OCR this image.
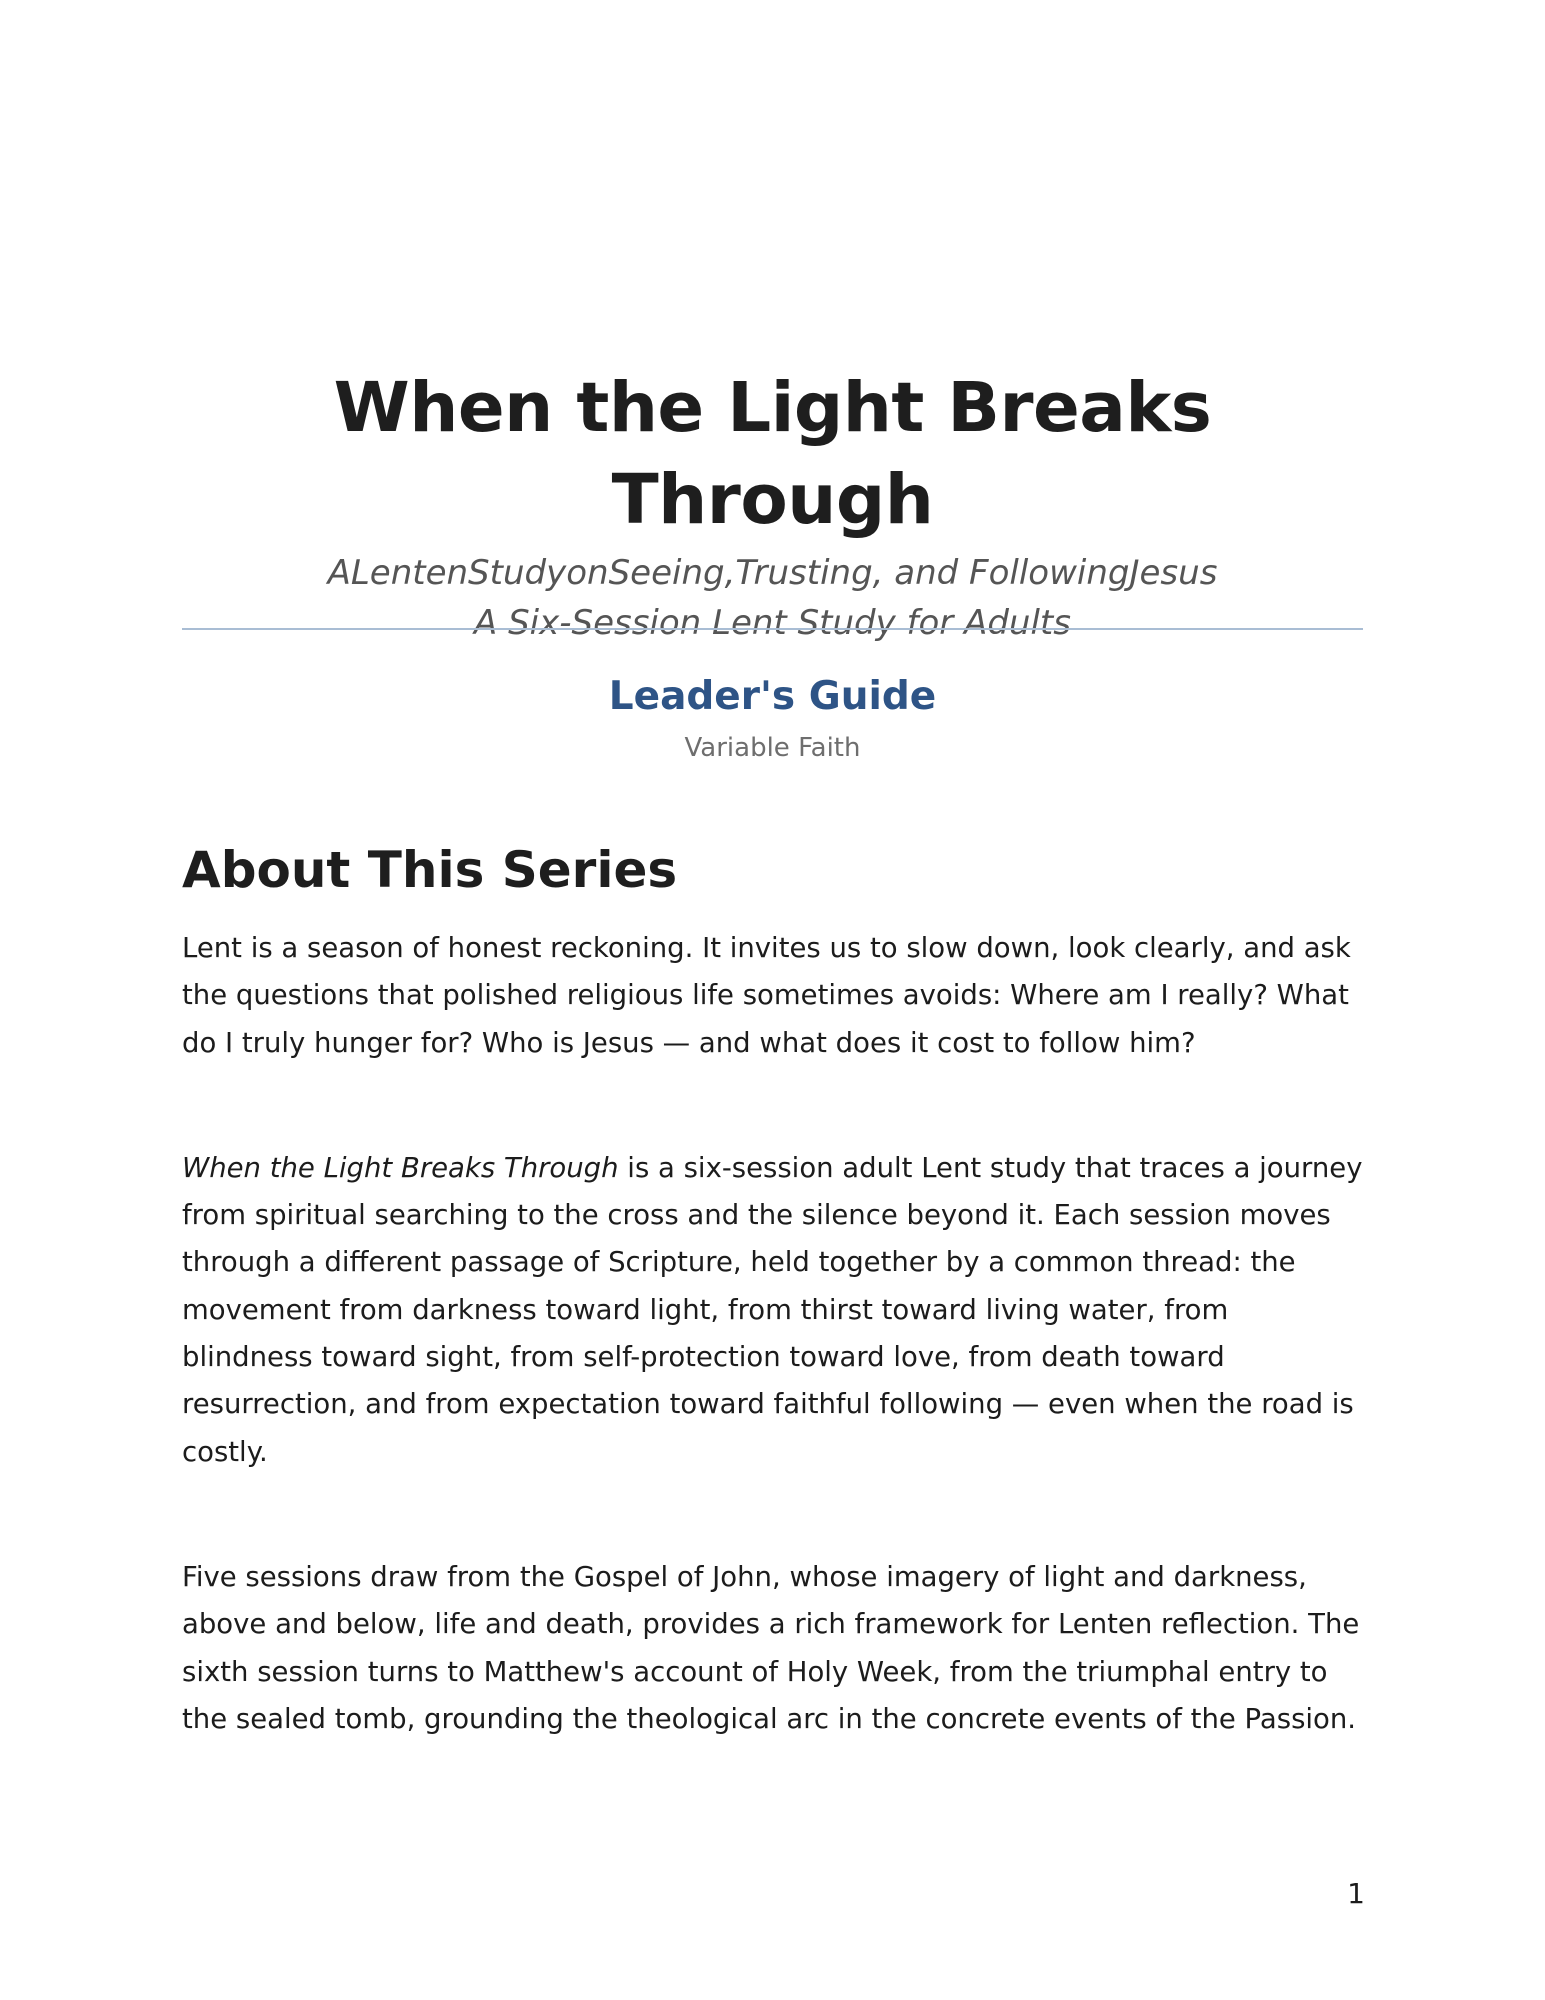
When the Light Breaks Through

ALentenStudyonSeeing,Trusting, and FollowingJesus

A Six-Session Lent Study for Adults

Leader's Guide

Variable Faith

About This Series

Lent is a season of honest reckoning. It invites us to slow down, look clearly, and ask the questions that polished religious life sometimes avoids: Where am I really? What do I truly hunger for? Who is Jesus — and what does it cost to follow him?

When the Light Breaks Through is a six-session adult Lent study that traces a journey from spiritual searching to the cross and the silence beyond it. Each session moves through a different passage of Scripture, held together by a common thread: the movement from darkness toward light, from thirst toward living water, from blindness toward sight, from self-protection toward love, from death toward resurrection, and from expectation toward faithful following — even when the road is costly.

Five sessions draw from the Gospel of John, whose imagery of light and darkness, above and below, life and death, provides a rich framework for Lenten reflection. The sixth session turns to Matthew's account of Holy Week, from the triumphal entry to the sealed tomb, grounding the theological arc in the concrete events of the Passion.

1
